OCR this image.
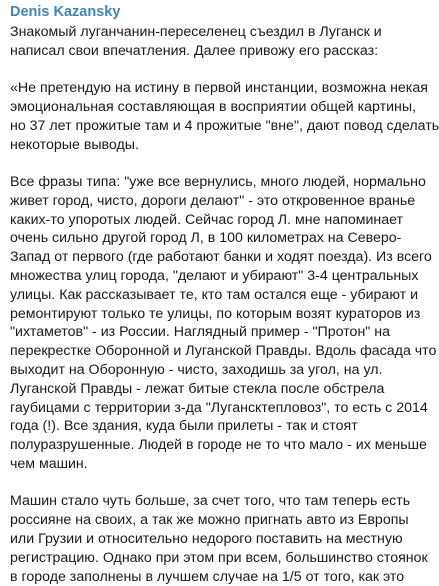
Denis Kazansky
Знакомый луганчанин-переселенец съездил в Луганск и
написал свои впечатления. Далее привожу его рассказ:
«Не претендую на истину в первой инстанции, возможна некая
эмоциональная составляющая в восприятии общей картины,
но 37 лет прожитые там и 4 прожитые "вне", дают повод сделать
некоторые выводы.
Все фразы типа: "уже все вернулись, много людей, нормально
живет город, чисто, дороги делают" - это откровенное вранье
каких-то упоротых людей. Сейчас город Л. мне напоминает
очень сильно другой город Л, в 100 километрах на Северо-
Запад от первого (где работают банки и ходят поезда). Из всего
множества улиц города, "делают и убирают" 3-4 центральных
улицы. Как рассказывает те, кто там остался еще - убирают и
ремонтируют только те улицы, по которым возят кураторов из
"ихтаметов" - из России. Наглядный пример - "Протон" на
перекрестке Оборонной и Луганской Правды. Вдоль фасада что
выходит на Оборонную - чисто, заходишь за угол, на ул.
Луганской Правды - лежат битые стекла после обстрела
гаубицами с территории з-да "Лугансктепловоз", то есть с 2014
года (!). Все здания, куда были прилеты - так и стоят
полуразрушенные. Людей в городе не то что мало - их меньше
чем машин.
Машин стало чуть больше, за счет того, что там теперь есть
россияне на своих, а так же можно пригнать авто из Европы
или Грузии и относительно недорого поставить на местную
регистрацию. Однако при этом при всем, большинство стоянок
в городе заполнены в лучшем случае на 1/5 от того, как это
